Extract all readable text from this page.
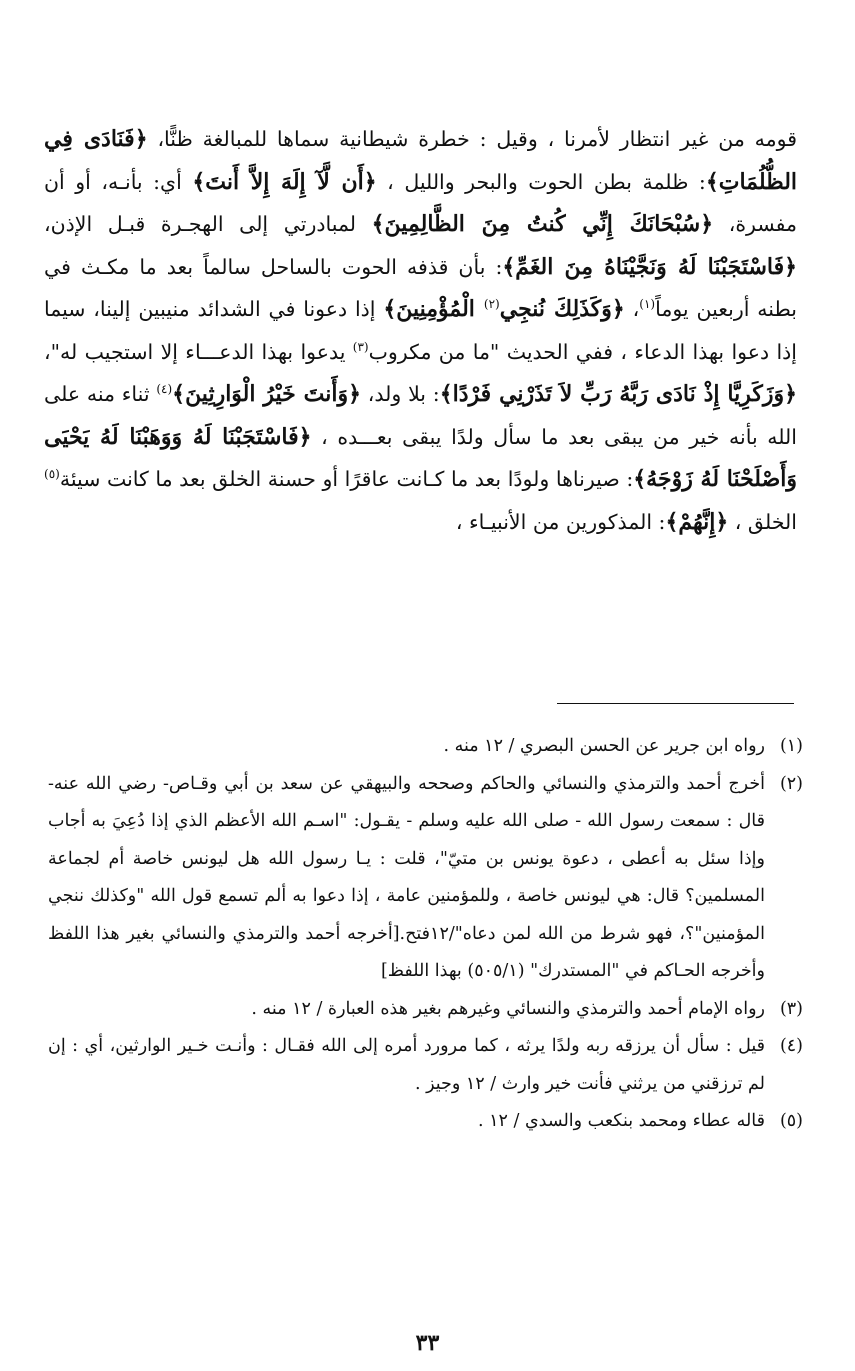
قومه من غير انتظار لأمرنا ، وقيل : خطرة شيطانية سماها للمبالغة ظنًّا، ﴿فَنَادَى فِي الظُّلُمَاتِ﴾: ظلمة بطن الحوت والبحر والليل ، ﴿أَن لَّآ إِلَهَ إِلاَّ أَنتَ﴾ أي: بأنـه، أو أن مفسرة، ﴿سُبْحَانَكَ إِنِّي كُنتُ مِنَ الظَّالِمِينَ﴾ لمبادرتي إلى الهجـرة قبـل الإذن، ﴿فَاسْتَجَبْنَا لَهُ وَنَجَّيْنَاهُ مِنَ الغَمِّ﴾: بأن قذفه الحوت بالساحل سالماً بعد ما مكـث في بطنه أربعين يوماً$^{(١)}$، ﴿وَكَذَلِكَ نُنجِي$^{(٢)}$ الْمُؤْمِنِينَ﴾ إذا دعونا في الشدائد منيبين إلينا، سيما إذا دعوا بهذا الدعاء ، ففي الحديث "ما من مكروب$^{(٣)}$ يدعوا بهذا الدعـــاء إلا استجيب له"، ﴿وَزَكَرِيَّا إِذْ نَادَى رَبَّهُ رَبِّ لاَ تَذَرْنِي فَرْدًا﴾: بلا ولد، ﴿وَأَنتَ خَيْرُ الْوَارِثِينَ﴾$^{(٤)}$ ثناء منه على الله بأنه خير من يبقى بعد ما سأل ولدًا يبقى بعـــده ، ﴿فَاسْتَجَبْنَا لَهُ وَوَهَبْنَا لَهُ يَحْيَى وَأَصْلَحْنَا لَهُ زَوْجَهُ﴾: صيرناها ولودًا بعد ما كـانت عاقرًا أو حسنة الخلق بعد ما كانت سيئة$^{(٥)}$ الخلق ، ﴿إِنَّهُمْ﴾: المذكورين من الأنبيـاء ،
(١)
رواه ابن جرير عن الحسن البصري / ١٢ منه .
(٢)
أخرج أحمد والترمذي والنسائي والحاكم وصححه والبيهقي عن سعد بن أبي وقـاص- رضي الله عنه- قال : سمعت رسول الله - صلى الله عليه وسلم - يقـول: "اسـم الله الأعظم الذي إذا دُعِيَ به أجاب وإذا سئل به أعطى ، دعوة يونس بن متيّ"، قلت : يـا رسول الله هل ليونس خاصة أم لجماعة المسلمين؟ قال: هي ليونس خاصة ، وللمؤمنين عامة ، إذا دعوا به ألم تسمع قول الله "وكذلك ننجي المؤمنين"؟، فهو شرط من الله لمن دعاه"/١٢فتح.[أخرجه أحمد والترمذي والنسائي بغير هذا اللفظ وأخرجه الحـاكم في "المستدرك" (٥٠٥/١) بهذا اللفظ]
(٣)
رواه الإمام أحمد والترمذي والنسائي وغيرهم بغير هذه العبارة / ١٢ منه .
(٤)
قيل : سأل أن يرزقه ربه ولدًا يرثه ، كما مرورد أمره إلى الله فقـال : وأنـت خـير الوارثين، أي : إن لم ترزقني من يرثني فأنت خير وارث / ١٢ وجيز .
(٥)
قاله عطاء ومحمد بنكعب والسدي / ١٢ .
٣٣
